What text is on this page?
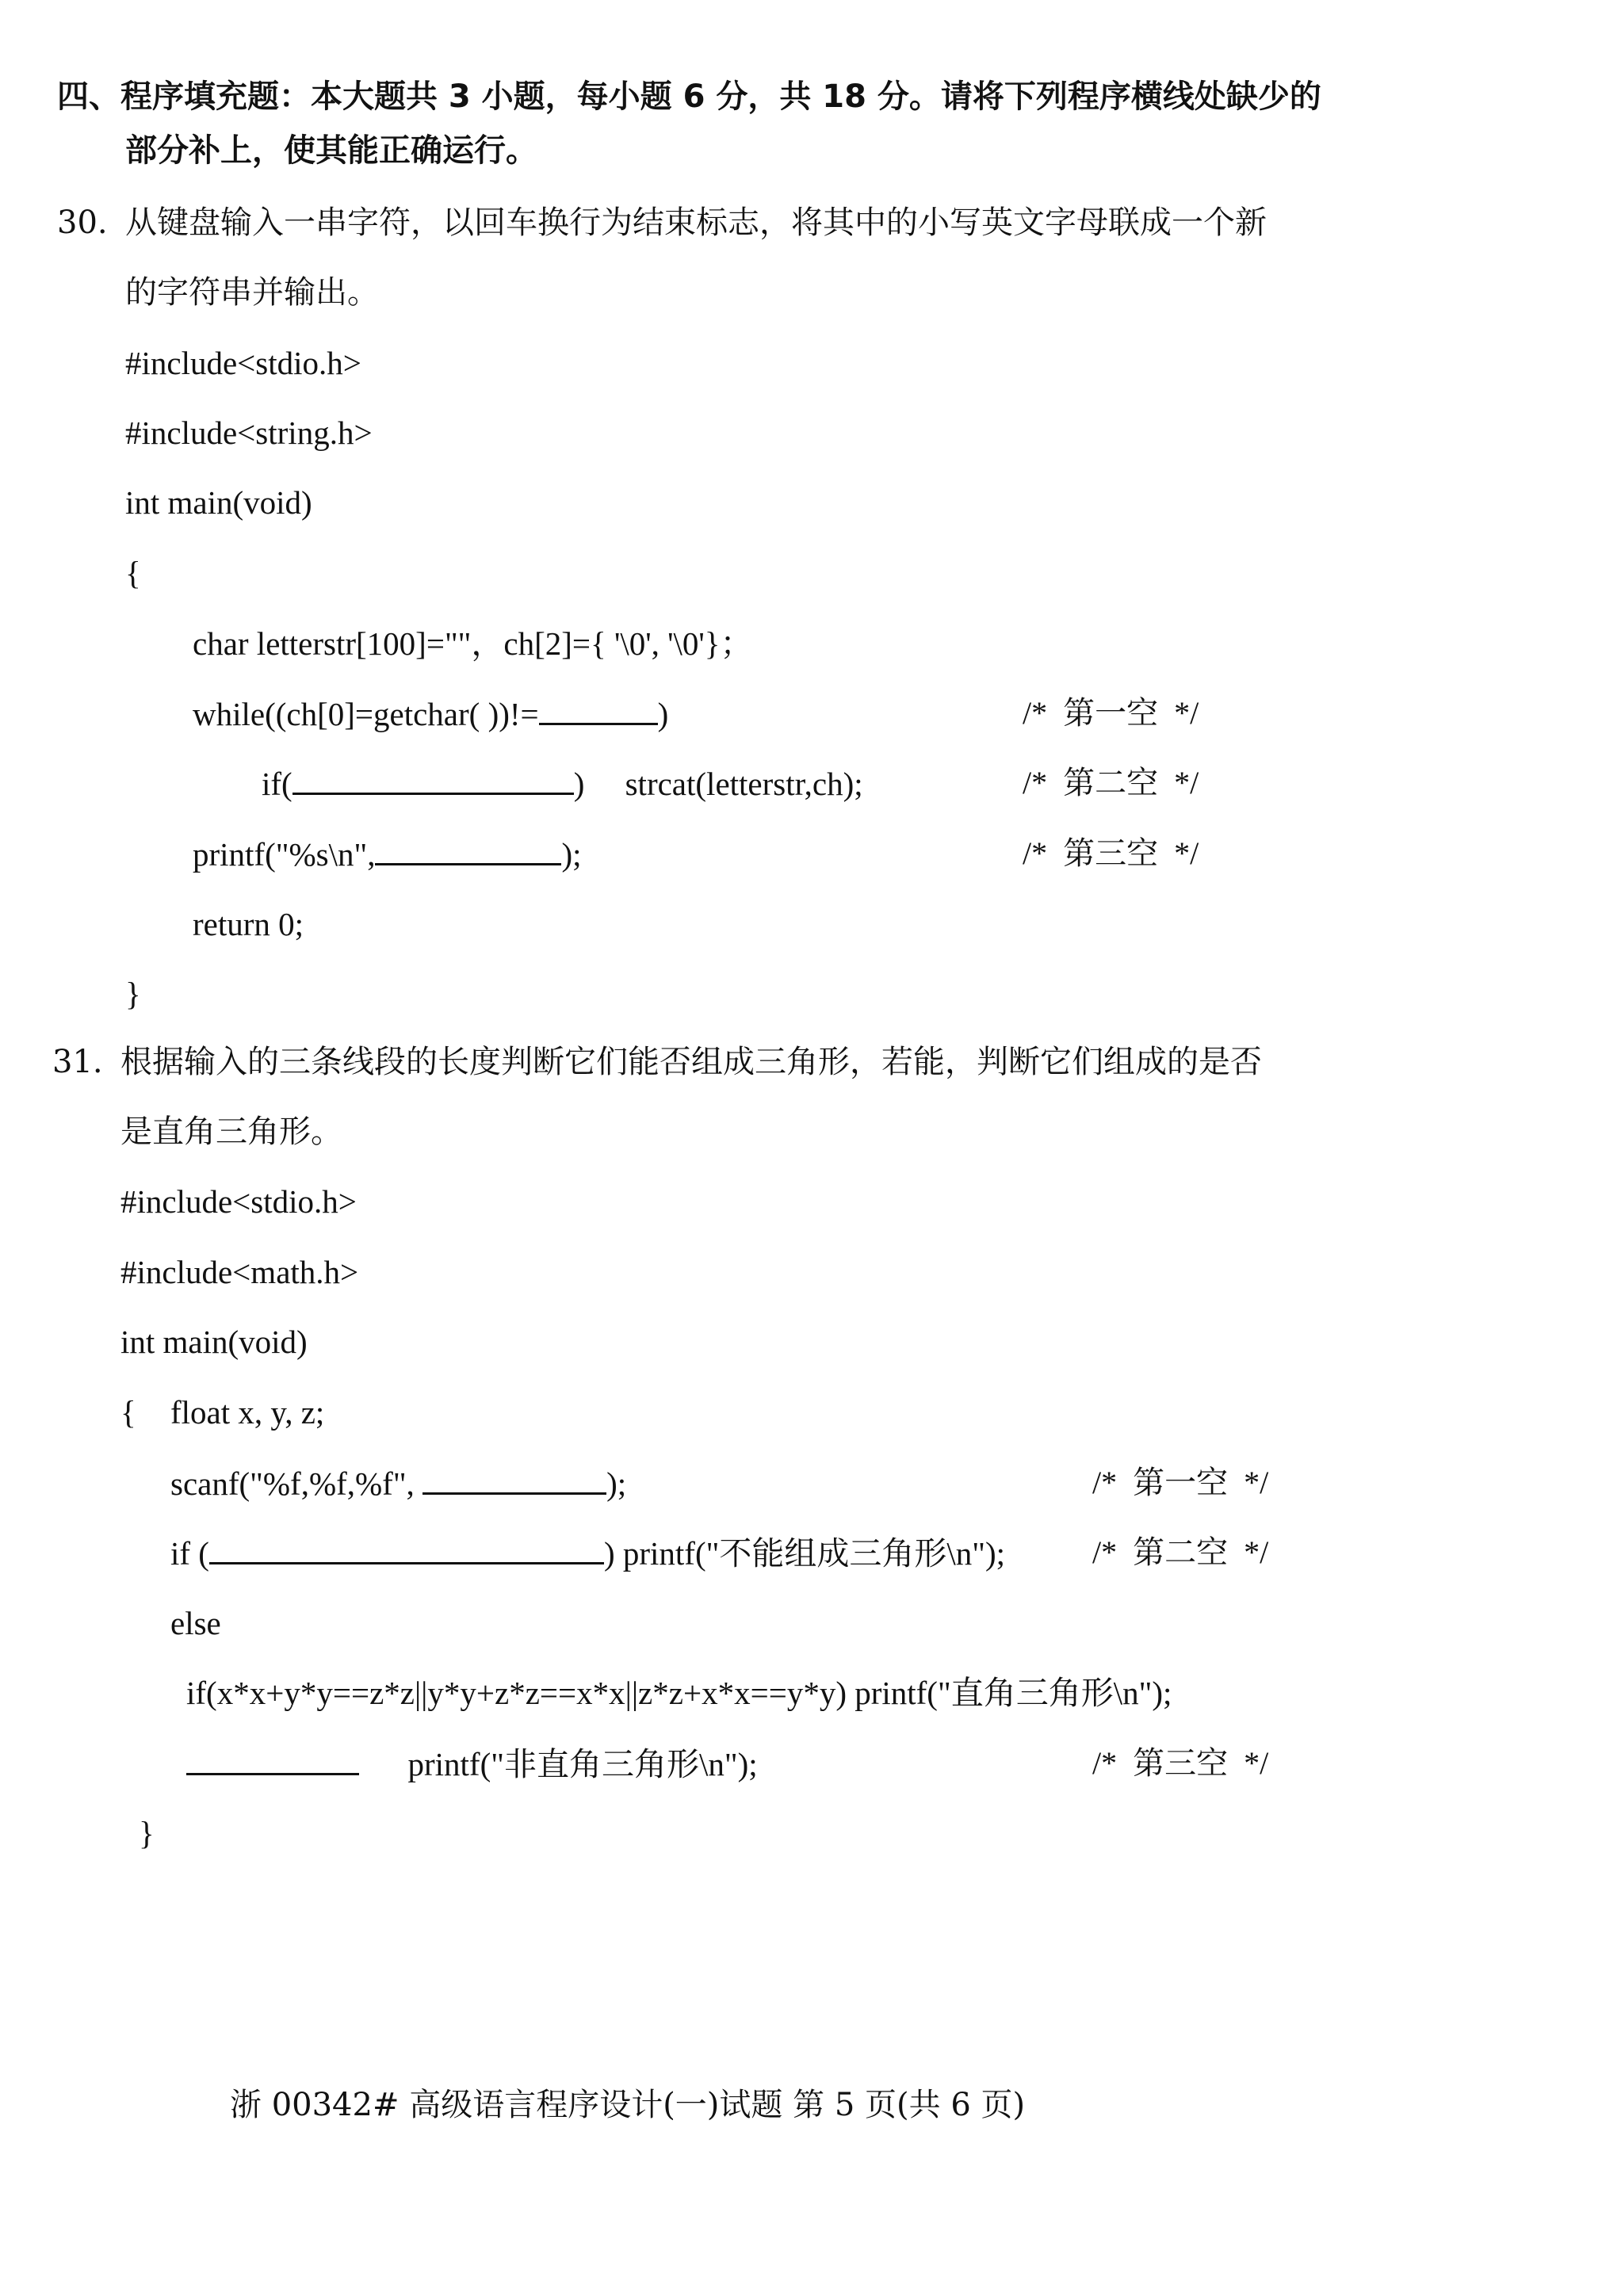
四、程序填充题：本大题共 3 小题，每小题 6 分，共 18 分。请将下列程序横线处缺少的
部分补上，使其能正确运行。
30. 从键盘输入一串字符，以回车换行为结束标志，将其中的小写英文字母联成一个新
的字符串并输出。
#include<stdio.h>
#include<string.h>
int main(void)
{
char letterstr[100]=""，ch[2]={ '\0', '\0'}；
while((ch[0]=getchar( ))!=	)
if(	)     strcat(letterstr,ch);
printf("%s\n",	);
return 0;
}
/*  第一空  */
/*  第二空  */
/*  第三空  */
31. 根据输入的三条线段的长度判断它们能否组成三角形，若能，判断它们组成的是否
是直角三角形。
#include<stdio.h>
#include<math.h>
int main(void)
{ float x, y, z;
scanf("%f,%f,%f",	);
if (	) printf("不能组成三角形\n");
else
if(x*x+y*y==z*z||y*y+z*z==x*x||z*z+x*x==y*y) printf("直角三角形\n");
printf("非直角三角形\n");
}
/*  第一空  */
/*  第二空  */
/*  第三空  */
浙 00342# 高级语言程序设计(一)试题 第 5 页(共 6 页)
